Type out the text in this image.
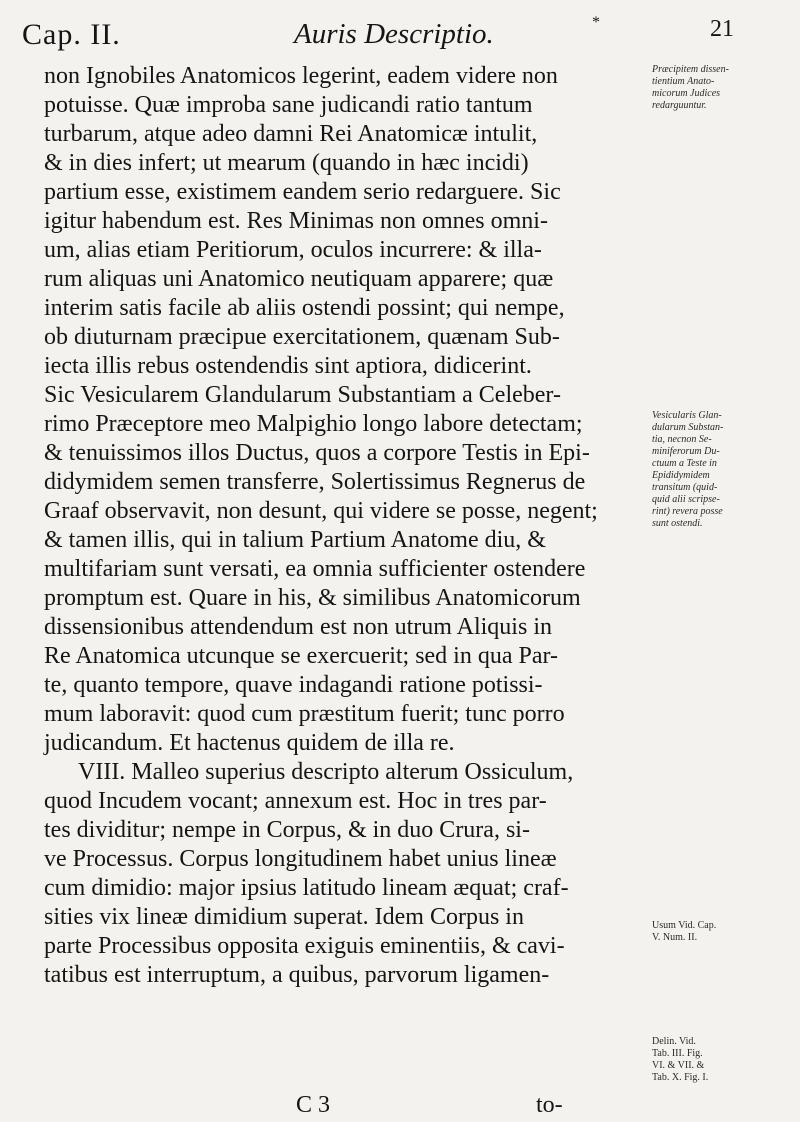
Cap. II.	Auris Descriptio.	*	21
non Ignobiles Anatomicos legerint, eadem videre non
potuisse. Quæ improba sane judicandi ratio tantum
turbarum, atque adeo damni Rei Anatomicæ intulit,
& in dies infert; ut mearum (quando in hæc incidi)
partium esse, existimem eandem serio redarguere. Sic
igitur habendum est. Res Minimas non omnes omni-
um, alias etiam Peritiorum, oculos incurrere: & illa-
rum aliquas uni Anatomico neutiquam apparere; quæ
interim satis facile ab aliis ostendi possint; qui nempe,
ob diuturnam præcipue exercitationem, quænam Sub-
iecta illis rebus ostendendis sint aptiora, didicerint.
Sic Vesicularem Glandularum Substantiam a Celeber-
rimo Præceptore meo Malpighio longo labore detectam;
& tenuissimos illos Ductus, quos a corpore Testis in Epi-
didymidem semen transferre, Solertissimus Regnerus de
Graaf observavit, non desunt, qui videre se posse, negent;
& tamen illis, qui in talium Partium Anatome diu, &
multifariam sunt versati, ea omnia sufficienter ostendere
promptum est. Quare in his, & similibus Anatomicorum
dissensionibus attendendum est non utrum Aliquis in
Re Anatomica utcunque se exercuerit; sed in qua Par-
te, quanto tempore, quave indagandi ratione potissi-
mum laboravit: quod cum præstitum fuerit; tunc porro
judicandum. Et hactenus quidem de illa re.
VIII. Malleo superius descripto alterum Ossiculum,
quod Incudem vocant; annexum est. Hoc in tres par-
tes dividitur; nempe in Corpus, & in duo Crura, si-
ve Processus. Corpus longitudinem habet unius lineæ
cum dimidio: major ipsius latitudo lineam æquat; craf-
sities vix lineæ dimidium superat. Idem Corpus in
parte Processibus opposita exiguis eminentiis, & cavi-
tatibus est interruptum, a quibus, parvorum ligamen-
Præcipitem dissen-
tientium Anato-
micorum Judices
redarguuntur.
Vesicularis Glan-
dularum Substan-
tia, necnon Se-
miniferorum Du-
ctuum a Teste in
Epididymidem
transitum (quid-
quid alii scripse-
rint) revera posse
sunt ostendi.
Usum Vid. Cap.
V. Num. II.
Delin. Vid.
Tab. III. Fig.
VI. & VII. &
Tab. X. Fig. I.
C 3	to-
